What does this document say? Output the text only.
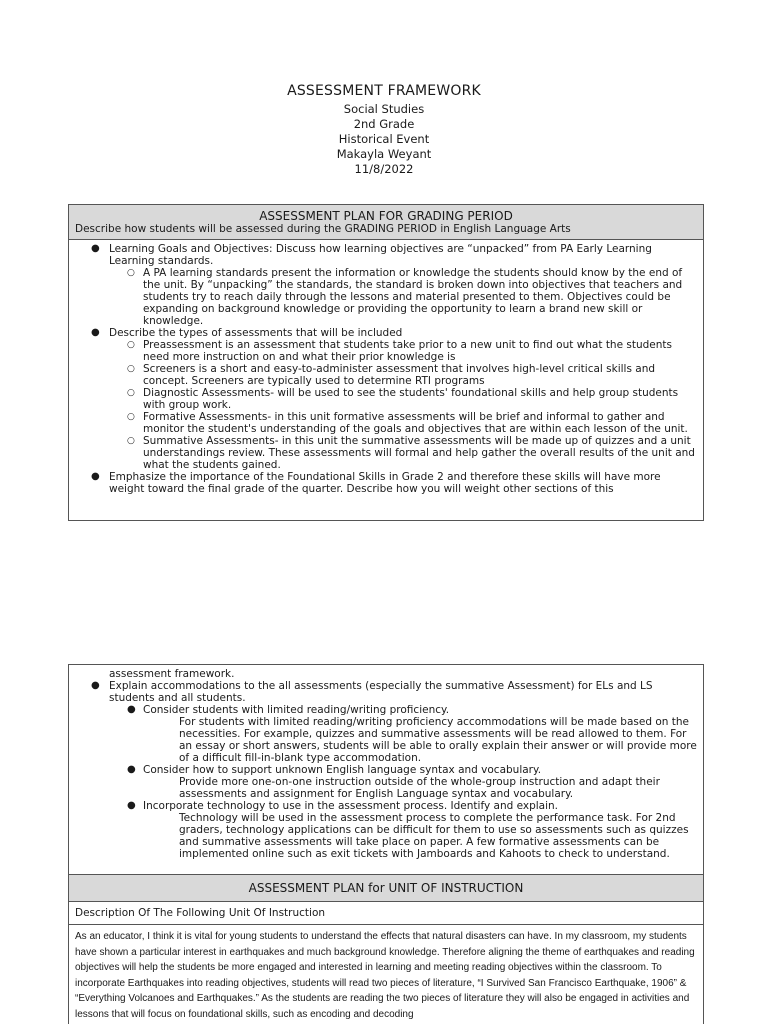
ASSESSMENT FRAMEWORK
Social Studies
2nd Grade
Historical Event
Makayla Weyant
11/8/2022
ASSESSMENT PLAN FOR GRADING PERIOD
Describe how students will be assessed during the GRADING PERIOD in English Language Arts
● Learning Goals and Objectives: Discuss how learning objectives are “unpacked” from PA Early Learning Learning standards.
○ A PA learning standards present the information or knowledge the students should know by the end of the unit. By “unpacking” the standards, the standard is broken down into objectives that teachers and students try to reach daily through the lessons and material presented to them. Objectives could be expanding on background knowledge or providing the opportunity to learn a brand new skill or knowledge.
● Describe the types of assessments that will be included
○ Preassessment is an assessment that students take prior to a new unit to find out what the students need more instruction on and what their prior knowledge is
○ Screeners is a short and easy-to-administer assessment that involves high-level critical skills and concept. Screeners are typically used to determine RTI programs
○ Diagnostic Assessments- will be used to see the students' foundational skills and help group students with group work.
○ Formative Assessments- in this unit formative assessments will be brief and informal to gather and monitor the student's understanding of the goals and objectives that are within each lesson of the unit.
○ Summative Assessments- in this unit the summative assessments will be made up of quizzes and a unit understandings review. These assessments will formal and help gather the overall results of the unit and what the students gained.
● Emphasize the importance of the Foundational Skills in Grade 2 and therefore these skills will have more weight toward the final grade of the quarter. Describe how you will weight other sections of this
assessment framework.
● Explain accommodations to the all assessments (especially the summative Assessment) for ELs and LS students and all students.
● Consider students with limited reading/writing proficiency.
For students with limited reading/writing proficiency accommodations will be made based on the necessities. For example, quizzes and summative assessments will be read allowed to them. For an essay or short answers, students will be able to orally explain their answer or will provide more of a difficult fill-in-blank type accommodation.
● Consider how to support unknown English language syntax and vocabulary.
Provide more one-on-one instruction outside of the whole-group instruction and adapt their assessments and assignment for English Language syntax and vocabulary.
● Incorporate technology to use in the assessment process. Identify and explain.
Technology will be used in the assessment process to complete the performance task. For 2nd graders, technology applications can be difficult for them to use so assessments such as quizzes and summative assessments will take place on paper. A few formative assessments can be implemented online such as exit tickets with Jamboards and Kahoots to check to understand.
ASSESSMENT PLAN for UNIT OF INSTRUCTION
Description Of The Following Unit Of Instruction
As an educator, I think it is vital for young students to understand the effects that natural disasters can have. In my classroom, my students have shown a particular interest in earthquakes and much background knowledge. Therefore aligning the theme of earthquakes and reading objectives will help the students be more engaged and interested in learning and meeting reading objectives within the classroom. To incorporate Earthquakes into reading objectives, students will read two pieces of literature, “I Survived San Francisco Earthquake, 1906” & “Everything Volcanoes and Earthquakes.” As the students are reading the two pieces of literature they will also be engaged in activities and lessons that will focus on foundational skills, such as encoding and decoding
